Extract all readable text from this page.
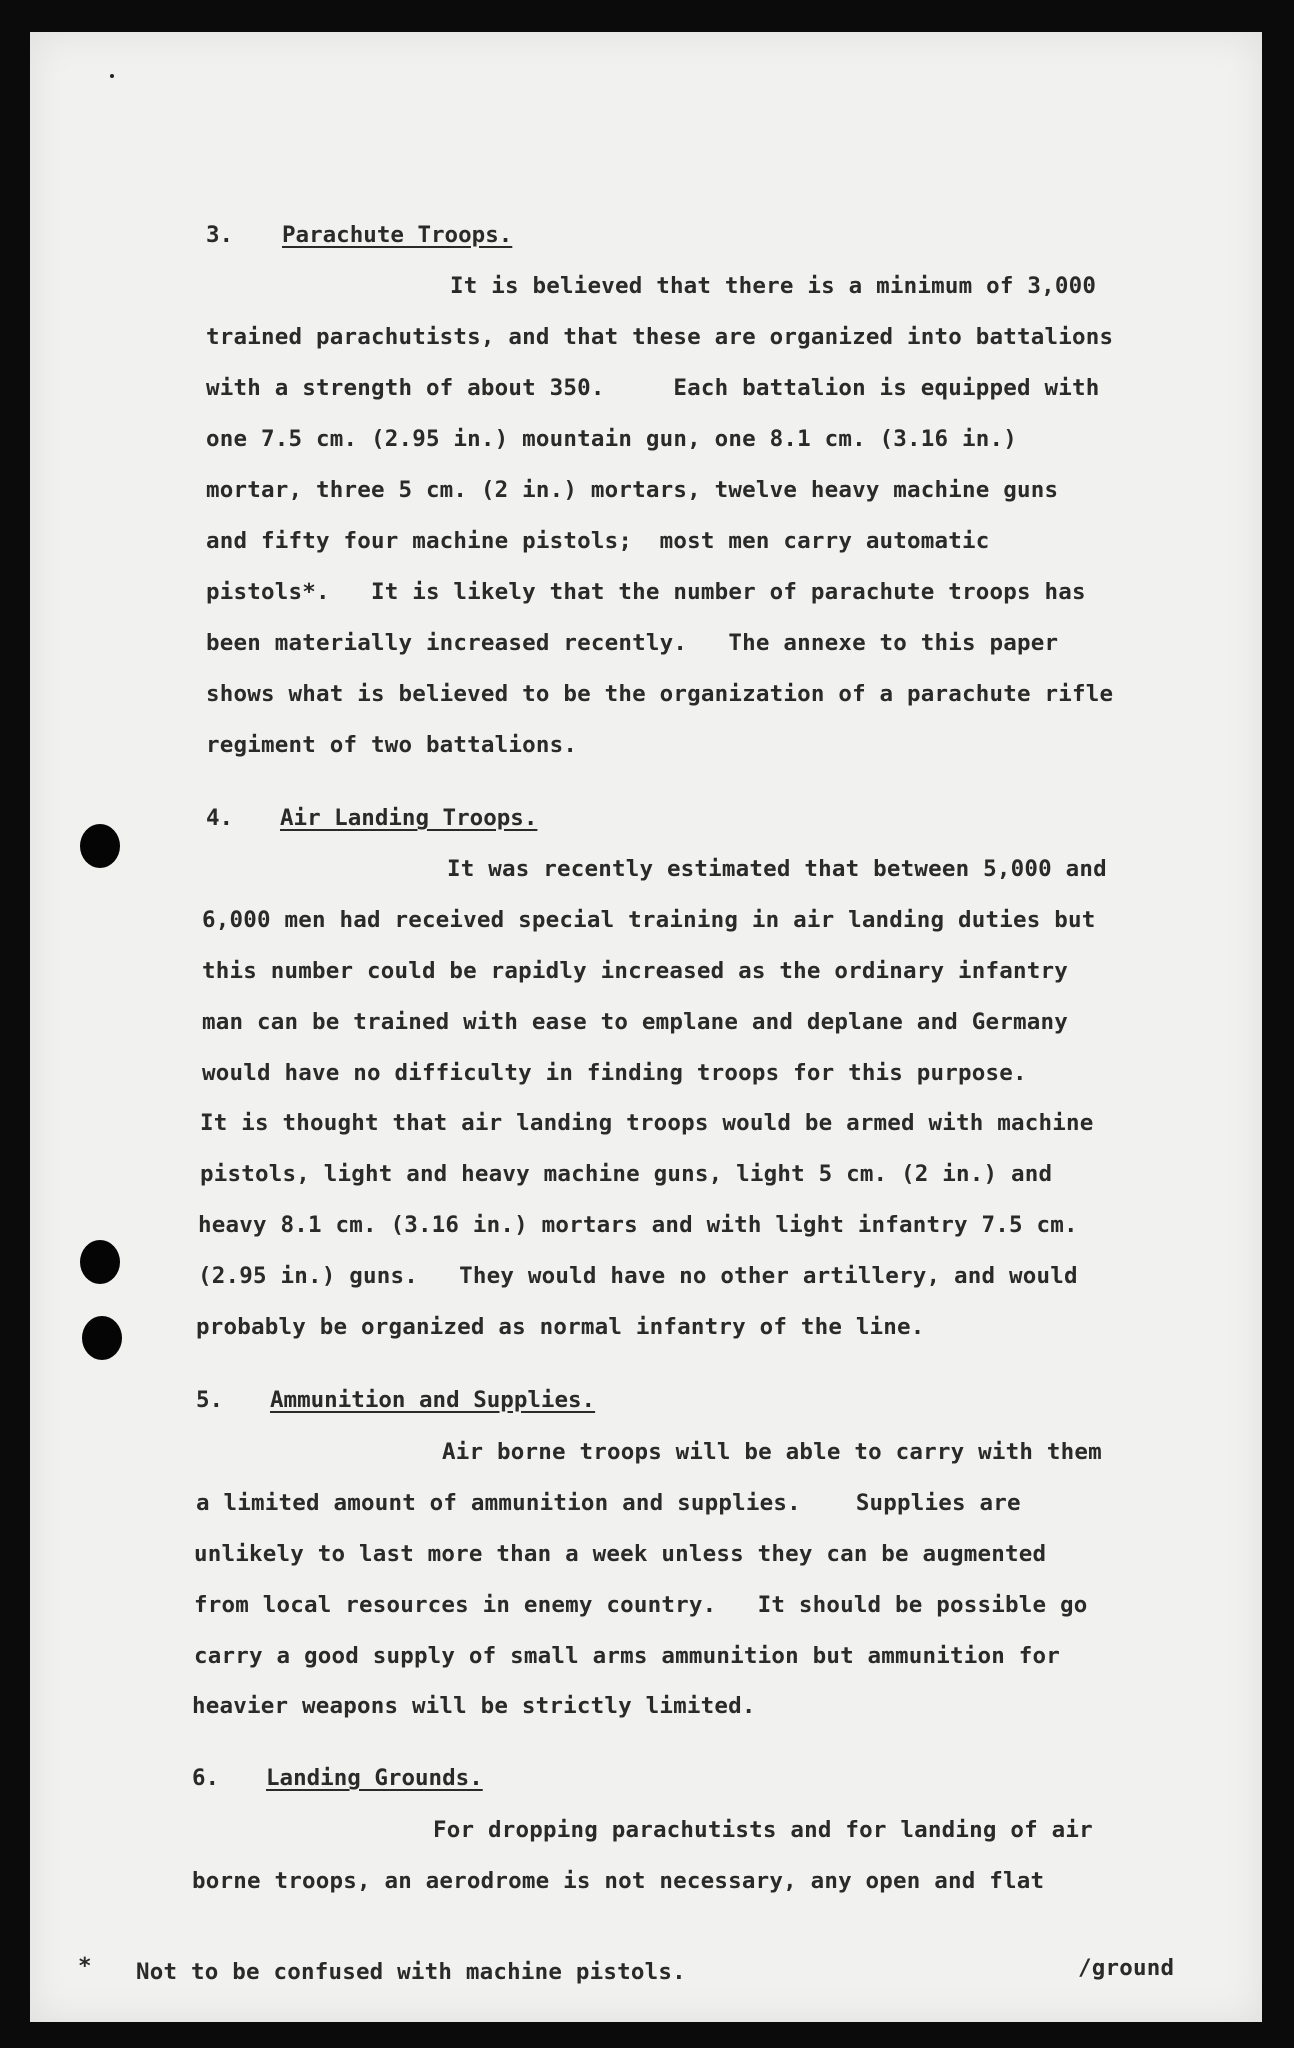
3. Parachute Troops.

It is believed that there is a minimum of 3,000

trained parachutists, and that these are organized into battalions

with a strength of about 350.     Each battalion is equipped with

one 7.5 cm. (2.95 in.) mountain gun, one 8.1 cm. (3.16 in.)

mortar, three 5 cm. (2 in.) mortars, twelve heavy machine guns

and fifty four machine pistols;  most men carry automatic

pistols*.   It is likely that the number of parachute troops has

been materially increased recently.   The annexe to this paper

shows what is believed to be the organization of a parachute rifle

regiment of two battalions.

4. Air Landing Troops.

It was recently estimated that between 5,000 and

6,000 men had received special training in air landing duties but

this number could be rapidly increased as the ordinary infantry

man can be trained with ease to emplane and deplane and Germany

would have no difficulty in finding troops for this purpose.

It is thought that air landing troops would be armed with machine

pistols, light and heavy machine guns, light 5 cm. (2 in.) and

heavy 8.1 cm. (3.16 in.) mortars and with light infantry 7.5 cm.

(2.95 in.) guns.   They would have no other artillery, and would

probably be organized as normal infantry of the line.

5. Ammunition and Supplies.

Air borne troops will be able to carry with them

a limited amount of ammunition and supplies.    Supplies are

unlikely to last more than a week unless they can be augmented

from local resources in enemy country.   It should be possible go

carry a good supply of small arms ammunition but ammunition for

heavier weapons will be strictly limited.

6. Landing Grounds.

For dropping parachutists and for landing of air

borne troops, an aerodrome is not necessary, any open and flat

* Not to be confused with machine pistols.	/ground
